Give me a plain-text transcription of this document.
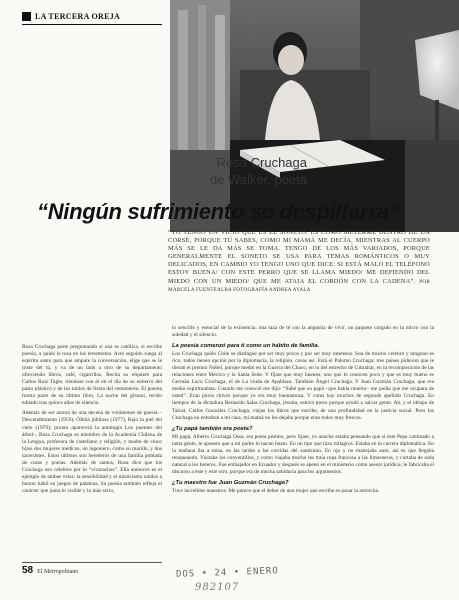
LA TERCERA OREJA
Rosa Cruchaga
de Walker, poeta
“Ningún sufrimiento se despilfarra”
“YO TENGO UN VICIO QUE ES EL SONETO. ES COMO METERME DENTRO DE UN CORSÉ, PORQUE TÚ SABES, COMO MI MAMÁ ME DECÍA, MIENTRAS AL CUERPO MÁS SE LE DA MÁS SE TOMA. TENGO DE LOS MÁS VARIADOS, PORQUE GENERALMENTE EL SONETO SE USA PARA TEMAS ROMÁNTICOS O MUY DELICADOS, EN CAMBIO YO TENGO UNO QUE DICE: SI ESTÁ MALO EL TELÉFONO ESTOY BUENA/ CON ESTE PERRO QUE SE LLAMA MIEDO/ ME DEFIENDO DEL MIEDO CON UN MIEDO/ QUE ME ATAJA EL CORDÓN CON LA CADENA”. POR MARCELA FUENTEALBA FOTOGRAFÍA ANDREA AYALA

Rosa Cruchaga parte preguntando si una es católica, si escribe poesía, a quién le reza en los terremotos. Acto seguido ruega al espíritu santo para que ampare la conversación, elige que se le triste del tú, y va de un lado a otro de su departamento ofreciendo libros, café, cigarrillos. Recita su réquiem para Carlos Ruiz Tagle, riéndose con él en el día de su entierro del pasto plástico y de los toldos de fiesta del cementerio. El poema forma parte de su último libro, La noche del girasol, recién editado tras quince años de silencio.

Además de ser autora de una decena de volúmenes de poesía –Descendimiento (1959), Ófelia júbilosa (1977), Rajo la piel del cielo (1979); pronto aparecerá la antología Los puentes del árbol–, Rosa Cruchaga es miembro de la Academia Chilena de la Lengua, profesora de castellano y religión, y madre de cinco hijos dos mujeres médicos, un ingeniero, como su marido, y dos sacerdotes. Estos últimos son herederos de una familia poblada de curas y poetas. Además de santos, Rosa dice que los Cruchaga son célebres por lo “vivarachos”. Ella entonces es el ejemplo de ambas vetas: la sensibilidad y el misticismo unidos a humor hábil en juegos de palabras. Su poesía también refleja el carácter que junta lo visible y lo más serio,

lo sencillo y esencial de la existencia: una taza de té con la angustia de vivir, un paquete cargado en la micro con la soledad y el silencio.

La poesía comenzó para ti como un hábito de familia.

Los Cruchaga quién Chile se distingue por ser muy pocos y por ser muy interesos. Son de mucho cerebro y ninguno es rico, todos tienen opción por la diplomacia, la religión, cosas así. Está el Palomo Cruchaga: tres países pidieron que le dieran el premio Nobel, porque medió en la Guerra del Chaco, en lo del estrecho de Gibraltar, en la recomposición de las relaciones entre México y la Santa Sede. Y fíjate que muy buenos; uno que lo conocen poco y que es muy bueno es Germán Luco Cruchaga, el de La viuda de Apablaza. También Ángel Cruchaga. Y Juan Guzmán Cruchaga, que era medio espiritualista. Cuando me conoció me dijo: “Sabé que su papá –que había muerto– me pedía que me ocupara de usted”. Eran puros chivos porque yo era muy buenamoza. Y curas hay muchos de segundo apellido Cruchaga. En tiempos de la dictadura Bernardo Salas Cruchaga, jesuita, estuvo preso porque ayudó a salvar gente. Ah, y el obispo de Talcat, Carlos González Cruchaga, viejas los libros que escribe, de una profundidad en la justicia social. Pero los Cruchaga no entraban a mi casa, mi mamá no les dejaba porque eran todos muy frescos.

¿Tu papá también era poeta?

Mi papá, Alberto Cruchaga Ossa, era poeta pésimo, pero fijate, yo anoche estaba pensando que si este Pepa caminado a tanta gente, te apuesto que a mi padre lo hacen beato. En un tipo que hizo milagros. Estaba en la carrera diplomática. En la mañana iba a misa, en las tardes a las corridas del santísimo. En ojo y no manejaba auto, así es que llegaba renqueando. Visitaba los conventillos, y como viajaba mucho les traía ropa francesa a las limosneras, y cortaba de seda natural a los boteros. Fue embajador en Ecuador y después se apenó en el ministerio como asesor jurídico; le fabricaba el discurso a éste y este otro, porque era de mucha sabiduría para los argumentos.

¿Tu maestro fue Juan Guzmán Cruchaga?

Tuve increíbles maestros. Me parece que el deber de uno mujer que escribe es pasar la antorcha.

58 El Metropolitano	DOS • 24 • ENERO
982107
